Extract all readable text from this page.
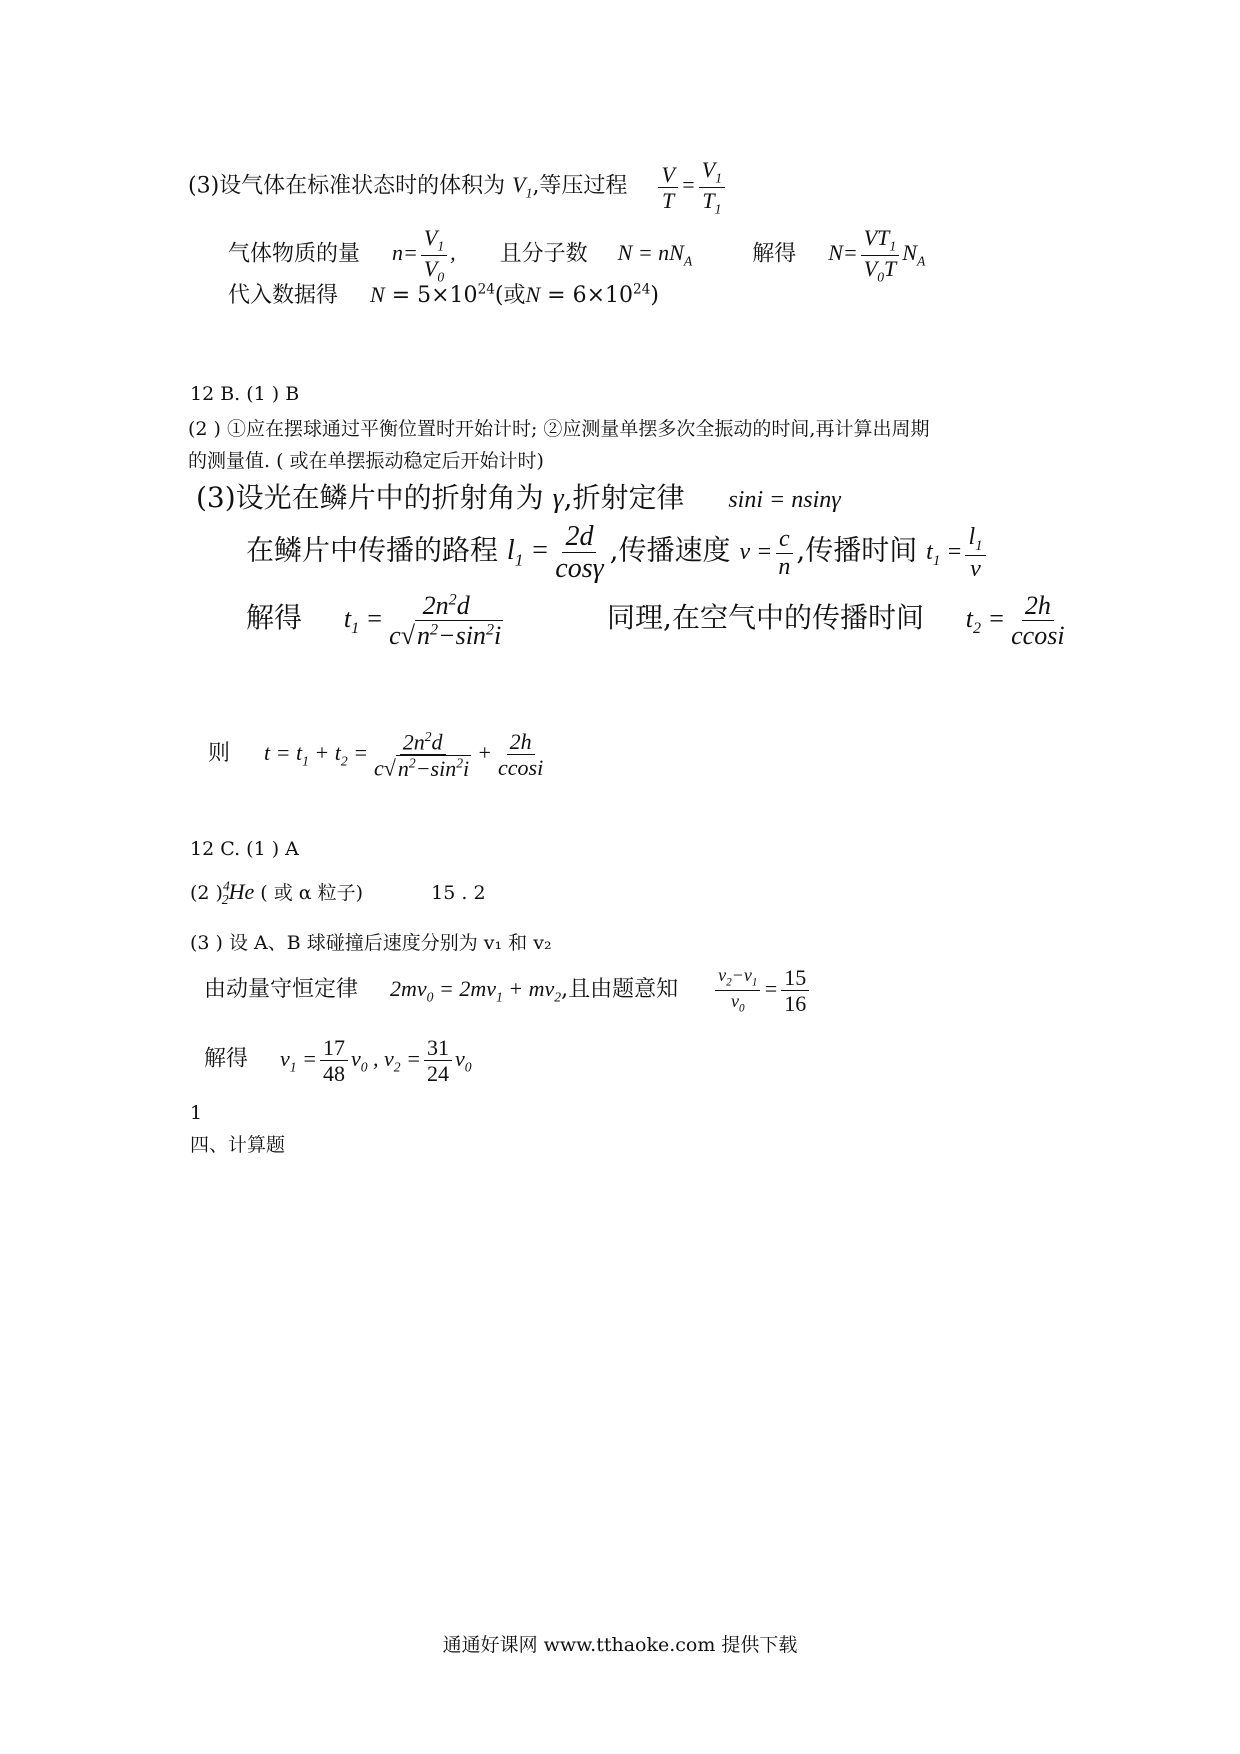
(3)设气体在标准状态时的体积为 $V_1$,等压过程 $\frac{V}{T} = \frac{V_1}{T_1}$
气体物质的量 $n= \frac{V_1}{V_0}$ , 且分子数 $N = nN_A$	解得 $N= \frac{VT_1}{V_0T} N_A$
代入数据得 $N = 5\times 10^{24}$(或$N = 6\times 10^{24}$)
12 B. (1 ) B
(2 ) ①应在摆球通过平衡位置时开始计时; ②应测量单摆多次全振动的时间,再计算出周期
的测量值. ( 或在单摆振动稳定后开始计时)
(3)设光在鳞片中的折射角为 γ,折射定律 sini = nsinγ
在鳞片中传播的路程 $l_1 = \frac{2d}{\cos\gamma}$ ,传播速度 $v = \frac{c}{n}$ ,传播时间 $t_1 = \frac{l_1}{v}$
解得 $t_1 = \frac{2n^2d}{c√n^2-\sin^2i}$	同理,在空气中的传播时间 $t_2 = \frac{2h}{ccosi}$
则 $t = t_1 + t_2 = \frac{2n^2d}{c√n^2-\sin^2i} + \frac{2h}{ccosi}$
12 C. (1 ) A
(2 )$^4_2$He ( 或 α 粒子)	15 . 2
(3 ) 设 A、B 球碰撞后速度分别为 v₁ 和 v₂
由动量守恒定律 $2mv_0 = 2mv_1 + mv_2$,且由题意知 $\frac{v_2-v_1}{v_0} = \frac{15}{16}$
解得 $v_1 = \frac{17}{48} v_0$ , $v_2 = \frac{31}{24} v_0$
1
四、计算题
通通好课网 www.tthaoke.com 提供下载
